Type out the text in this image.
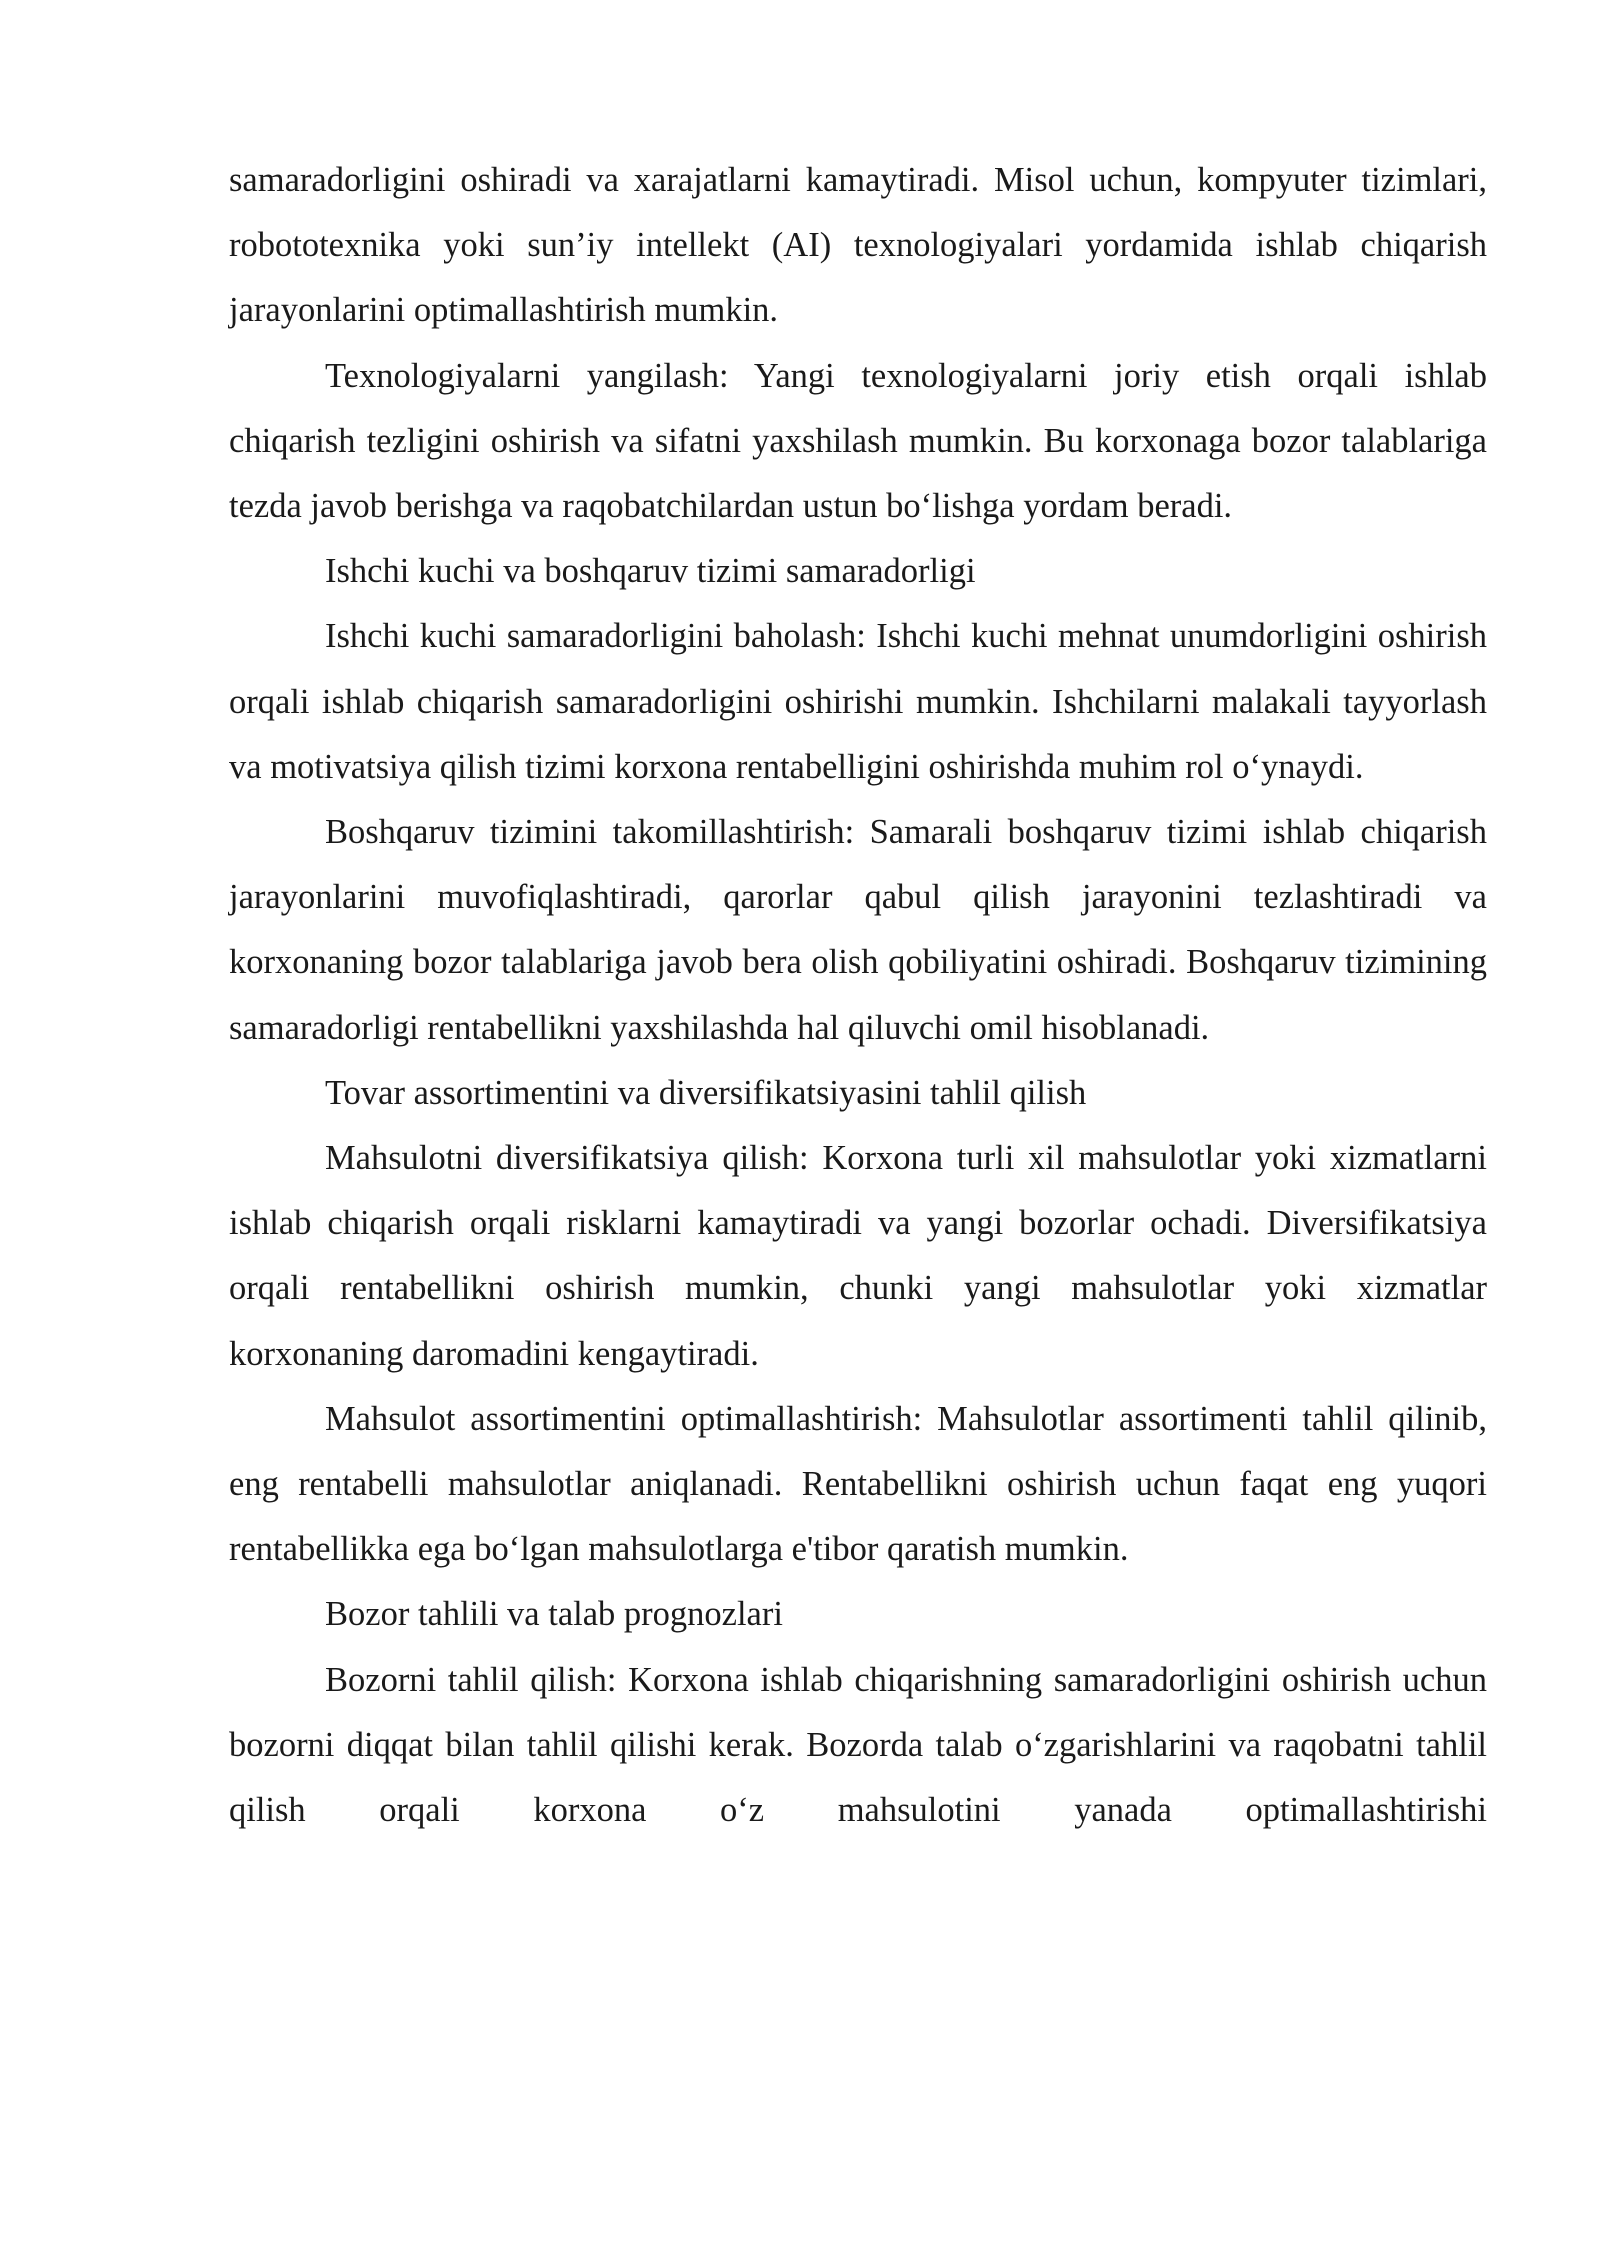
samaradorligini oshiradi va xarajatlarni kamaytiradi. Misol uchun, kompyuter tizimlari, robototexnika yoki sun’iy intellekt (AI) texnologiyalari yordamida ishlab chiqarish jarayonlarini optimallashtirish mumkin.

Texnologiyalarni yangilash: Yangi texnologiyalarni joriy etish orqali ishlab chiqarish tezligini oshirish va sifatni yaxshilash mumkin. Bu korxonaga bozor talablariga tezda javob berishga va raqobatchilardan ustun bo‘lishga yordam beradi.

Ishchi kuchi va boshqaruv tizimi samaradorligi

Ishchi kuchi samaradorligini baholash: Ishchi kuchi mehnat unumdorligini oshirish orqali ishlab chiqarish samaradorligini oshirishi mumkin. Ishchilarni malakali tayyorlash va motivatsiya qilish tizimi korxona rentabelligini oshirishda muhim rol o‘ynaydi.

Boshqaruv tizimini takomillashtirish: Samarali boshqaruv tizimi ishlab chiqarish jarayonlarini muvofiqlashtiradi, qarorlar qabul qilish jarayonini tezlashtiradi va korxonaning bozor talablariga javob bera olish qobiliyatini oshiradi. Boshqaruv tizimining samaradorligi rentabellikni yaxshilashda hal qiluvchi omil hisoblanadi.

Tovar assortimentini va diversifikatsiyasini tahlil qilish

Mahsulotni diversifikatsiya qilish: Korxona turli xil mahsulotlar yoki xizmatlarni ishlab chiqarish orqali risklarni kamaytiradi va yangi bozorlar ochadi. Diversifikatsiya orqali rentabellikni oshirish mumkin, chunki yangi mahsulotlar yoki xizmatlar korxonaning daromadini kengaytiradi.

Mahsulot assortimentini optimallashtirish: Mahsulotlar assortimenti tahlil qilinib, eng rentabelli mahsulotlar aniqlanadi. Rentabellikni oshirish uchun faqat eng yuqori rentabellikka ega bo‘lgan mahsulotlarga e'tibor qaratish mumkin.

Bozor tahlili va talab prognozlari

Bozorni tahlil qilish: Korxona ishlab chiqarishning samaradorligini oshirish uchun bozorni diqqat bilan tahlil qilishi kerak. Bozorda talab o‘zgarishlarini va raqobatni tahlil qilish orqali korxona o‘z mahsulotini yanada optimallashtirishi
